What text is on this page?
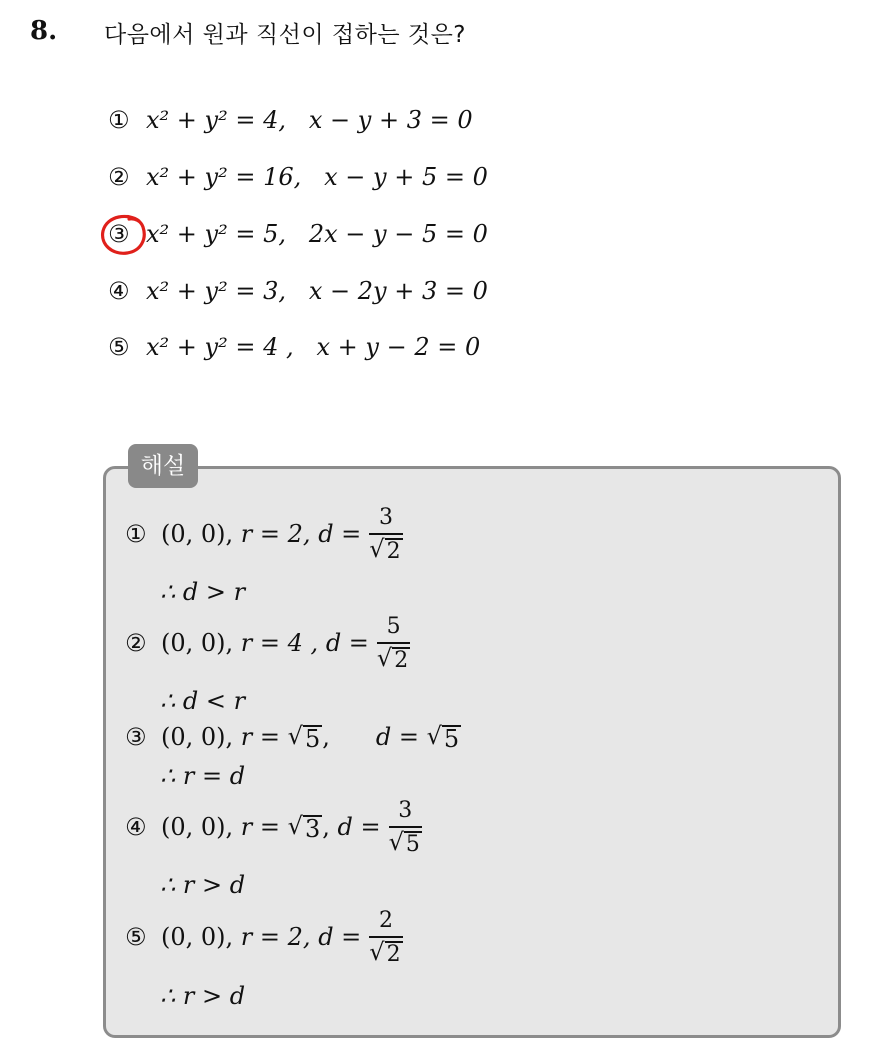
8. 다음에서 원과 직선이 접하는 것은?
① x² + y² = 4, x − y + 3 = 0
② x² + y² = 16, x − y + 5 = 0
③ x² + y² = 5, 2x − y − 5 = 0
④ x² + y² = 3, x − 2y + 3 = 0
⑤ x² + y² = 4 , x + y − 2 = 0
해설
① (0, 0),
r = 2,
$d = \frac{3}{√ 2}$
∴ d > r
② (0, 0),
r = 4 ,
$d = \frac{5}{√ 2}$
∴ d < r
③ (0, 0),
r =
√ 5 , d =
√ 5
∴ r = d
④ (0, 0),
r =
√ 3 , $d = \frac{3}{√ 5}$
∴ r > d
⑤ (0, 0),
r = 2,
$d = \frac{2}{√ 2}$
∴ r > d
